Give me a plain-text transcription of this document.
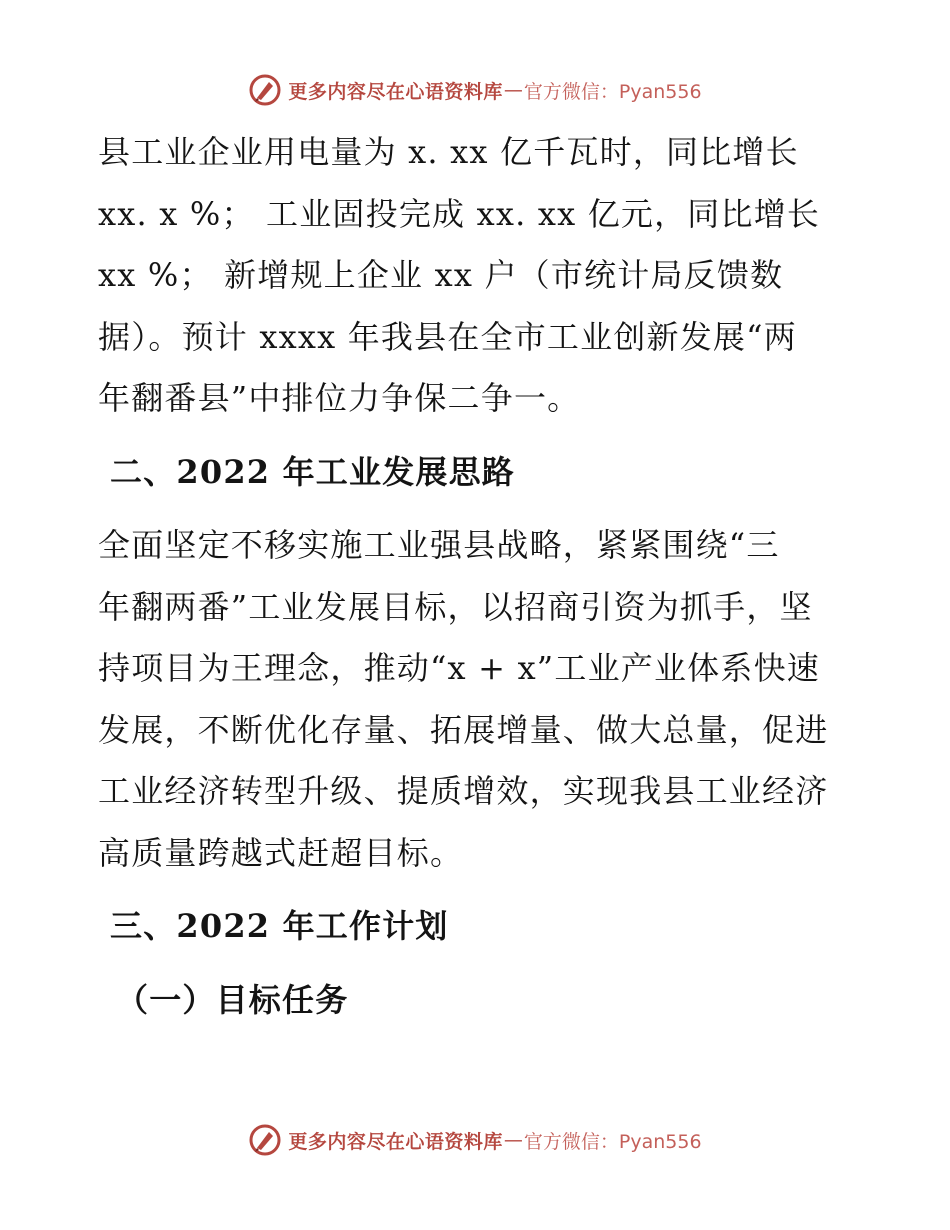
更多内容尽在心语资料库 — 官方微信：Pyan556

县工业企业用电量为 x. xx 亿千瓦时，同比增长
xx. x %； 工业固投完成 xx. xx 亿元，同比增长
xx %； 新增规上企业 xx 户（市统计局反馈数
据）。预计 xxxx 年我县在全市工业创新发展“两
年翻番县”中排位力争保二争一。

二、2022 年工业发展思路

全面坚定不移实施工业强县战略，紧紧围绕“三
年翻两番”工业发展目标，以招商引资为抓手，坚
持项目为王理念，推动“x + x”工业产业体系快速
发展，不断优化存量、拓展增量、做大总量，促进
工业经济转型升级、提质增效，实现我县工业经济
高质量跨越式赶超目标。

三、2022 年工作计划
（一）目标任务
更多内容尽在心语资料库 — 官方微信：Pyan556
